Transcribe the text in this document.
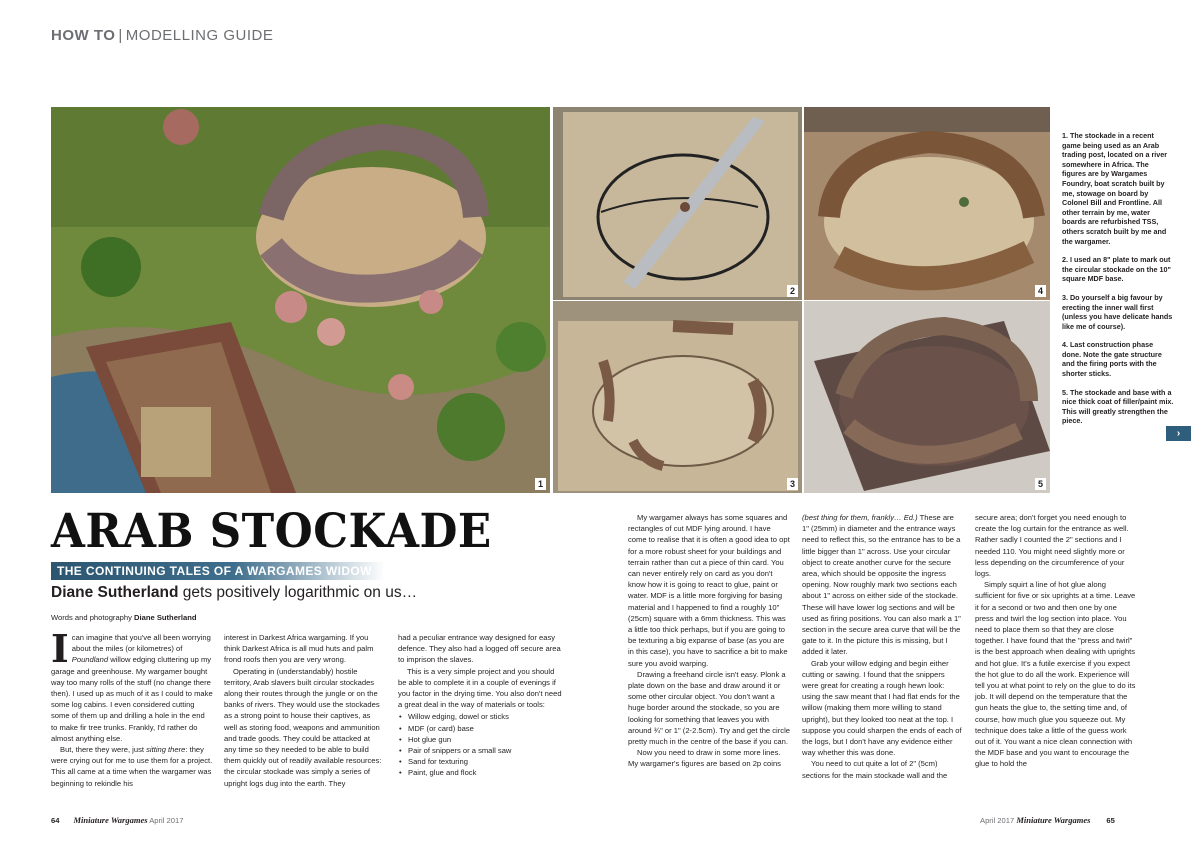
HOW TO | MODELLING GUIDE
1
2
3
4
5

1. The stockade in a recent game being used as an Arab trading post, located on a river somewhere in Africa. The figures are by Wargames Foundry, boat scratch built by me, stowage on board by Colonel Bill and Frontline. All other terrain by me, water boards are refurbished TSS, others scratch built by me and the wargamer.

2. I used an 8" plate to mark out the circular stockade on the 10" square MDF base.

3. Do yourself a big favour by erecting the inner wall first (unless you have delicate hands like me of course).

4. Last construction phase done. Note the gate structure and the firing ports with the shorter sticks.

5. The stockade and base with a nice thick coat of filler/paint mix. This will greatly strengthen the piece.

›
ARAB STOCKADE
THE CONTINUING TALES OF A WARGAMES WIDOW
Diane Sutherland gets positively logarithmic on us…
Words and photography Diane Sutherland

Ican imagine that you've all been worrying about the miles (or kilometres) of Poundland willow edging cluttering up my garage and greenhouse. My wargamer bought way too many rolls of the stuff (no change there then). I used up as much of it as I could to make some log cabins. I even considered cutting some of them up and drilling a hole in the end to make fir tree trunks. Frankly, I'd rather do almost anything else.

But, there they were, just sitting there: they were crying out for me to use them for a project. This all came at a time when the wargamer was beginning to rekindle his

interest in Darkest Africa wargaming. If you think Darkest Africa is all mud huts and palm frond roofs then you are very wrong.

Operating in (understandably) hostile territory, Arab slavers built circular stockades along their routes through the jungle or on the banks of rivers. They would use the stockades as a strong point to house their captives, as well as storing food, weapons and ammunition and trade goods. They could be attacked at any time so they needed to be able to build them quickly out of readily available resources: the circular stockade was simply a series of upright logs dug into the earth. They

had a peculiar entrance way designed for easy defence. They also had a logged off secure area to imprison the slaves.

This is a very simple project and you should be able to complete it in a couple of evenings if you factor in the drying time. You also don't need a great deal in the way of materials or tools:

• Willow edging, dowel or sticks
• MDF (or card) base
• Hot glue gun
• Pair of snippers or a small saw
• Sand for texturing
• Paint, glue and flock

My wargamer always has some squares and rectangles of cut MDF lying around. I have come to realise that it is often a good idea to opt for a more robust sheet for your buildings and terrain rather than cut a piece of thin card. You can never entirely rely on card as you don't know how it is going to react to glue, paint or water. MDF is a little more forgiving for basing material and I happened to find a roughly 10" (25cm) square with a 6mm thickness. This was a little too thick perhaps, but if you are going to be texturing a big expanse of base (as you are in this case), you have to sacrifice a bit to make sure you avoid warping.

Drawing a freehand circle isn't easy. Plonk a plate down on the base and draw around it or some other circular object. You don't want a huge border around the stockade, so you are looking for something that leaves you with around ¾" or 1" (2-2.5cm). Try and get the circle pretty much in the centre of the base if you can.

Now you need to draw in some more lines. My wargamer's figures are based on 2p coins

(best thing for them, frankly… Ed.) These are 1" (25mm) in diameter and the entrance ways need to reflect this, so the entrance has to be a little bigger than 1" across. Use your circular object to create another curve for the secure area, which should be opposite the ingress opening. Now roughly mark two sections each about 1" across on either side of the stockade. These will have lower log sections and will be used as firing positions. You can also mark a 1" section in the secure area curve that will be the gate to it. In the picture this is missing, but I added it later.

Grab your willow edging and begin either cutting or sawing. I found that the snippers were great for creating a rough hewn look: using the saw meant that I had flat ends for the willow (making them more willing to stand upright), but they looked too neat at the top. I suppose you could sharpen the ends of each of the logs, but I don't have any evidence either way whether this was done.

You need to cut quite a lot of 2" (5cm) sections for the main stockade wall and the

secure area; don't forget you need enough to create the log curtain for the entrance as well. Rather sadly I counted the 2" sections and I needed 110. You might need slightly more or less depending on the circumference of your logs.

Simply squirt a line of hot glue along sufficient for five or six uprights at a time. Leave it for a second or two and then one by one press and twirl the log section into place. You need to place them so that they are close together. I have found that the "press and twirl" is the best approach when dealing with uprights and hot glue. It's a futile exercise if you expect the hot glue to do all the work. Experience will tell you at what point to rely on the glue to do its job. It will depend on the temperature that the gun heats the glue to, the setting time and, of course, how much glue you squeeze out. My technique does take a little of the guess work out of it. You want a nice clean connection with the MDF base and you want to encourage the glue to hold the

64 Miniature Wargames April 2017	April 2017 Miniature Wargames 65
